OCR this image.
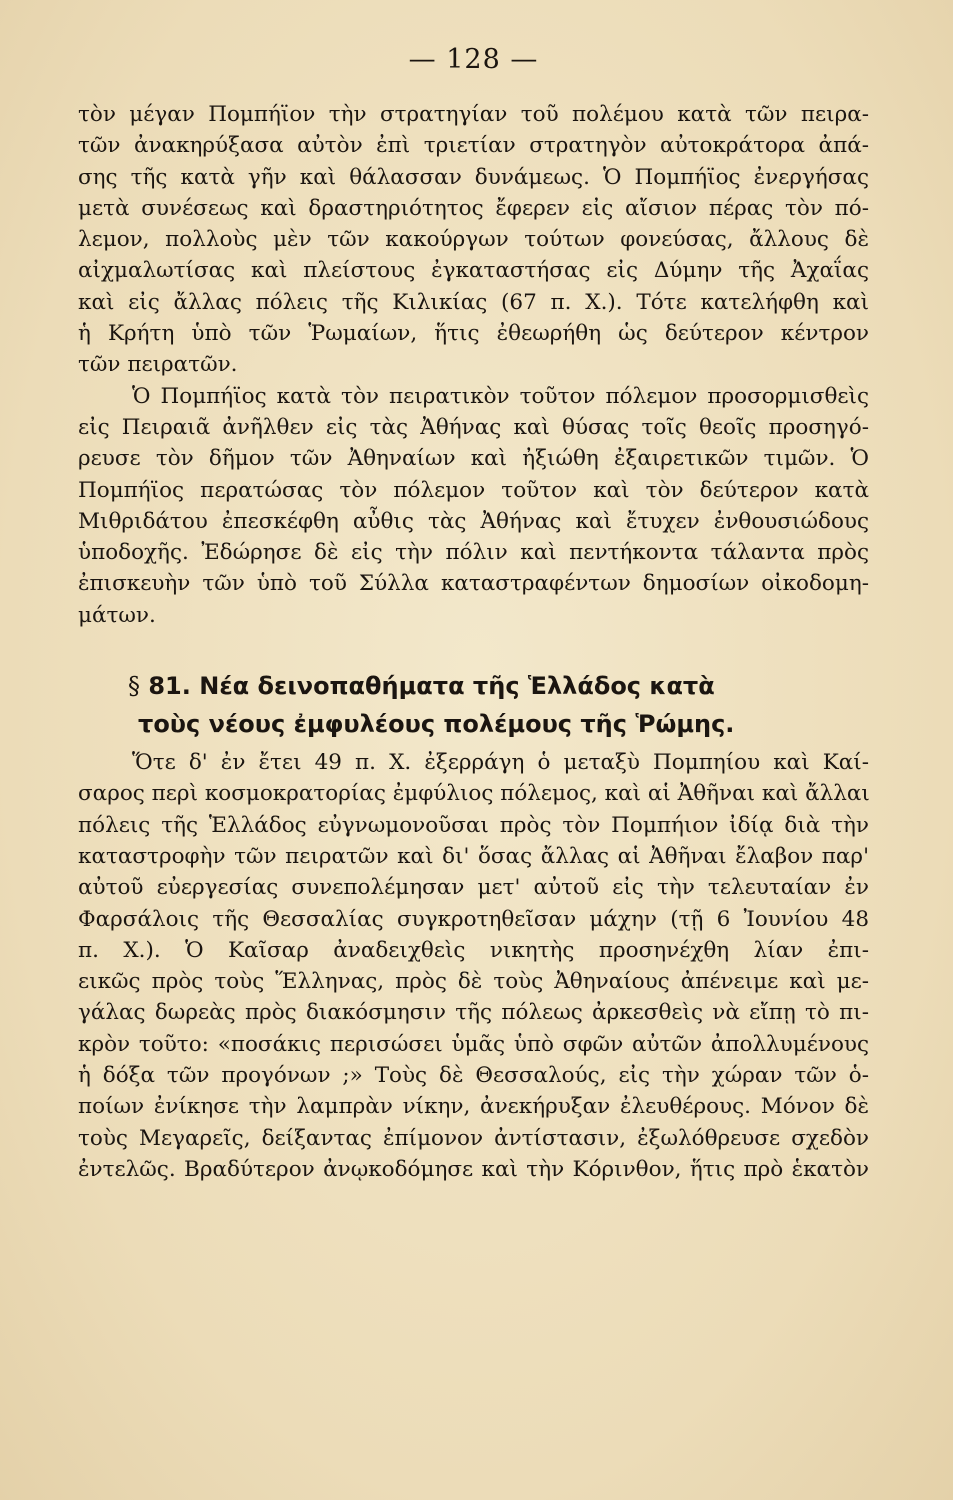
— 128 —
τὸν μέγαν Πομπήϊον τὴν στρατηγίαν τοῦ πολέμου κατὰ τῶν πειρα-
τῶν ἀνακηρύξασα αὐτὸν ἐπὶ τριετίαν στρατηγὸν αὐτοκράτορα ἀπά-
σης τῆς κατὰ γῆν καὶ θάλασσαν δυνάμεως. Ὁ Πομπήϊος ἐνεργήσας
μετὰ συνέσεως καὶ δραστηριότητος ἔφερεν εἰς αἴσιον πέρας τὸν πό-
λεμον, πολλοὺς μὲν τῶν κακούργων τούτων φονεύσας, ἄλλους δὲ
αἰχμαλωτίσας καὶ πλείστους ἐγκαταστήσας εἰς Δύμην τῆς Ἀχαΐας
καὶ εἰς ἄλλας πόλεις τῆς Κιλικίας (67 π. Χ.). Τότε κατελήφθη καὶ
ἡ Κρήτη ὑπὸ τῶν Ῥωμαίων, ἥτις ἐθεωρήθη ὡς δεύτερον κέντρον
τῶν πειρατῶν.
Ὁ Πομπήϊος κατὰ τὸν πειρατικὸν τοῦτον πόλεμον προσορμισθεὶς
εἰς Πειραιᾶ ἀνῆλθεν εἰς τὰς Ἀθήνας καὶ θύσας τοῖς θεοῖς προσηγό-
ρευσε τὸν δῆμον τῶν Ἀθηναίων καὶ ἠξιώθη ἐξαιρετικῶν τιμῶν. Ὁ
Πομπήϊος περατώσας τὸν πόλεμον τοῦτον καὶ τὸν δεύτερον κατὰ
Μιθριδάτου ἐπεσκέφθη αὖθις τὰς Ἀθήνας καὶ ἔτυχεν ἐνθουσιώδους
ὑποδοχῆς. Ἐδώρησε δὲ εἰς τὴν πόλιν καὶ πεντήκοντα τάλαντα πρὸς
ἐπισκευὴν τῶν ὑπὸ τοῦ Σύλλα καταστραφέντων δημοσίων οἰκοδομη-
μάτων.
§ 81. Νέα δεινοπαθήματα τῆς Ἑλλάδος κατὰ
τοὺς νέους ἐμφυλέους πολέμους τῆς Ῥώμης.
Ὅτε δ' ἐν ἔτει 49 π. Χ. ἐξερράγη ὁ μεταξὺ Πομπηίου καὶ Καί-
σαρος περὶ κοσμοκρατορίας ἐμφύλιος πόλεμος, καὶ αἱ Ἀθῆναι καὶ ἄλλαι
πόλεις τῆς Ἑλλάδος εὐγνωμονοῦσαι πρὸς τὸν Πομπήιον ἰδίᾳ διὰ τὴν
καταστροφὴν τῶν πειρατῶν καὶ δι' ὅσας ἄλλας αἱ Ἀθῆναι ἔλαβον παρ'
αὐτοῦ εὐεργεσίας συνεπολέμησαν μετ' αὐτοῦ εἰς τὴν τελευταίαν ἐν
Φαρσάλοις τῆς Θεσσαλίας συγκροτηθεῖσαν μάχην (τῇ 6 Ἰουνίου 48
π. Χ.). Ὁ Καῖσαρ ἀναδειχθεὶς νικητὴς προσηνέχθη λίαν ἐπι-
εικῶς πρὸς τοὺς Ἕλληνας, πρὸς δὲ τοὺς Ἀθηναίους ἀπένειμε καὶ με-
γάλας δωρεὰς πρὸς διακόσμησιν τῆς πόλεως ἀρκεσθεὶς νὰ εἴπῃ τὸ πι-
κρὸν τοῦτο: «ποσάκις περισώσει ὑμᾶς ὑπὸ σφῶν αὐτῶν ἀπολλυμένους
ἡ δόξα τῶν προγόνων ;» Τοὺς δὲ Θεσσαλούς, εἰς τὴν χώραν τῶν ὁ-
ποίων ἐνίκησε τὴν λαμπρὰν νίκην, ἀνεκήρυξαν ἐλευθέρους. Μόνον δὲ
τοὺς Μεγαρεῖς, δείξαντας ἐπίμονον ἀντίστασιν, ἐξωλόθρευσε σχεδὸν
ἐντελῶς. Βραδύτερον ἀνῳκοδόμησε καὶ τὴν Κόρινθον, ἥτις πρὸ ἑκατὸν
